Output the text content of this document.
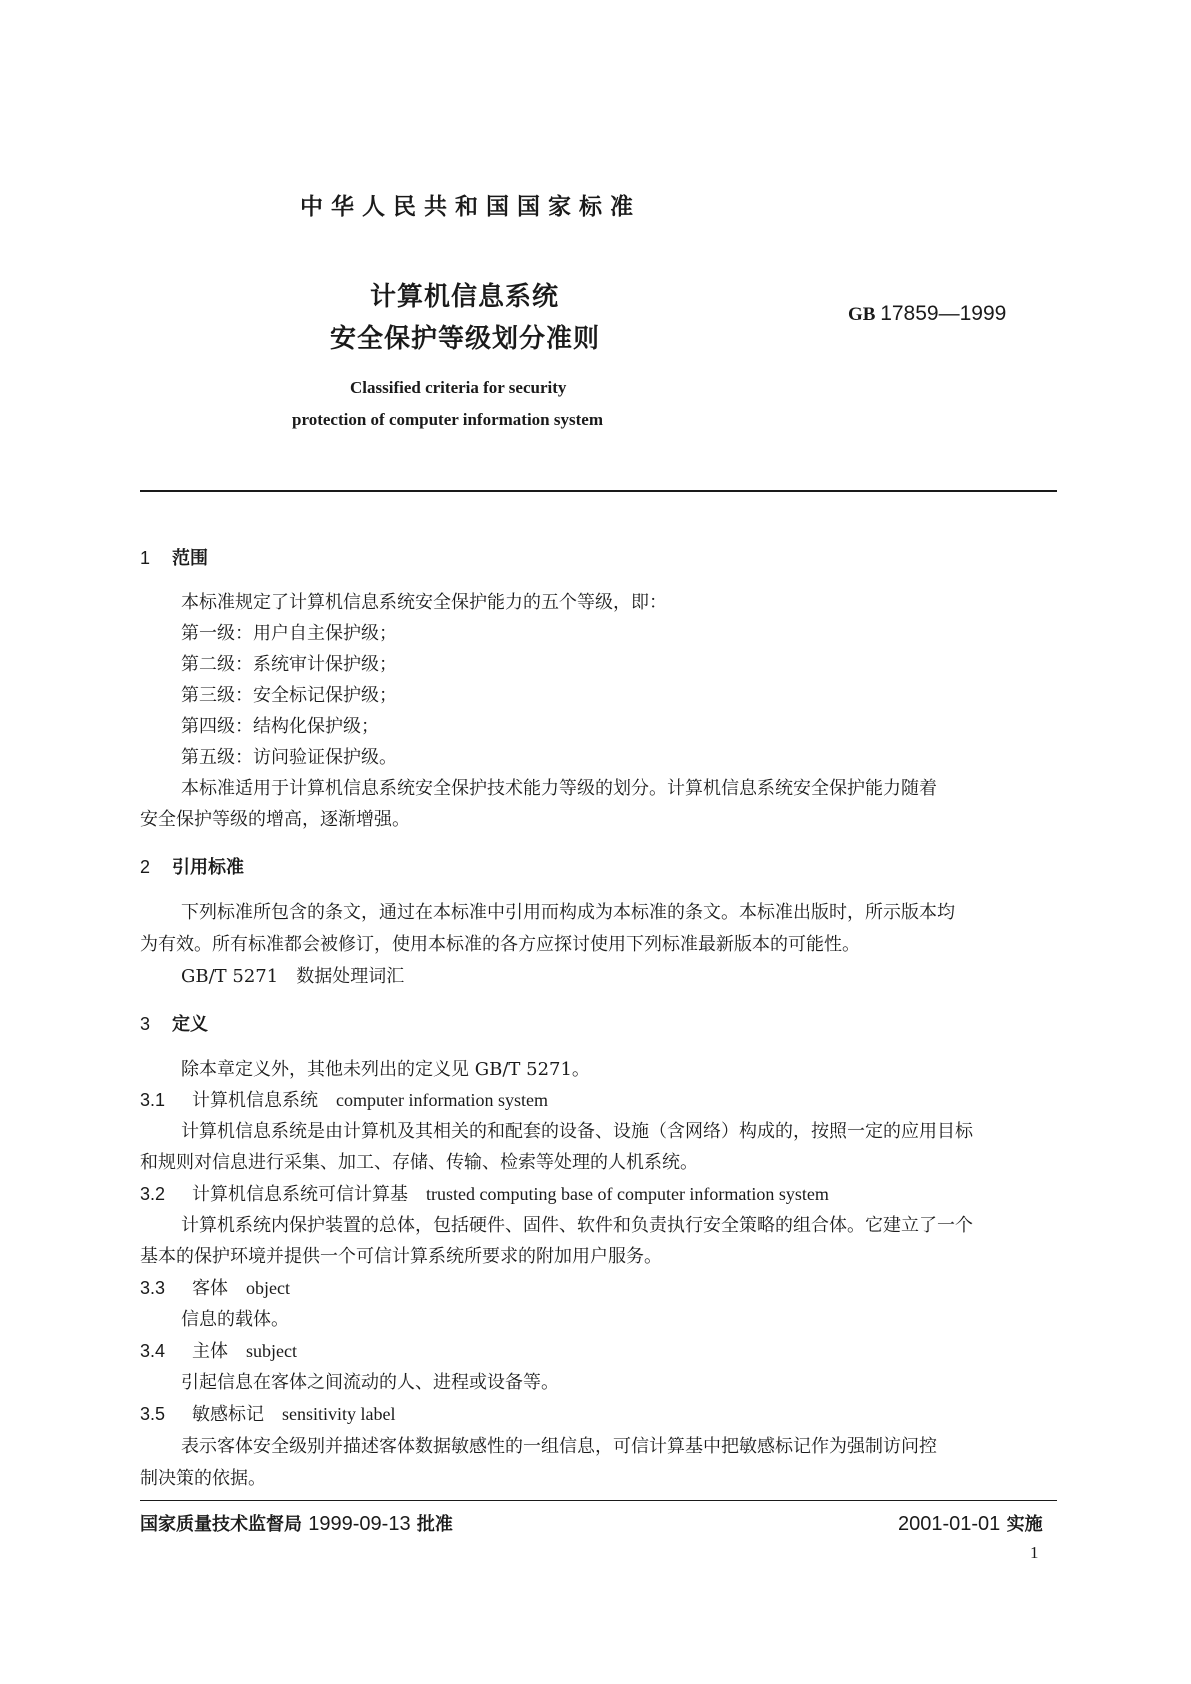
中华人民共和国国家标准
计算机信息系统
安全保护等级划分准则
GB 17859—1999
Classified criteria for security
protection of computer information system
1 范围
本标准规定了计算机信息系统安全保护能力的五个等级，即：
第一级：用户自主保护级；
第二级：系统审计保护级；
第三级：安全标记保护级；
第四级：结构化保护级；
第五级：访问验证保护级。
本标准适用于计算机信息系统安全保护技术能力等级的划分。计算机信息系统安全保护能力随着
安全保护等级的增高，逐渐增强。
2 引用标准
下列标准所包含的条文，通过在本标准中引用而构成为本标准的条文。本标准出版时，所示版本均
为有效。所有标准都会被修订，使用本标准的各方应探讨使用下列标准最新版本的可能性。
GB/T 5271　数据处理词汇
3 定义
除本章定义外，其他未列出的定义见 GB/T 5271。
3.1 计算机信息系统 computer information system
计算机信息系统是由计算机及其相关的和配套的设备、设施（含网络）构成的，按照一定的应用目标
和规则对信息进行采集、加工、存储、传输、检索等处理的人机系统。
3.2 计算机信息系统可信计算基 trusted computing base of computer information system
计算机系统内保护装置的总体，包括硬件、固件、软件和负责执行安全策略的组合体。它建立了一个
基本的保护环境并提供一个可信计算系统所要求的附加用户服务。
3.3 客体 object
信息的载体。
3.4 主体 subject
引起信息在客体之间流动的人、进程或设备等。
3.5 敏感标记 sensitivity label
表示客体安全级别并描述客体数据敏感性的一组信息，可信计算基中把敏感标记作为强制访问控
制决策的依据。
国家质量技术监督局 1999-09-13 批准	2001-01-01 实施
1
